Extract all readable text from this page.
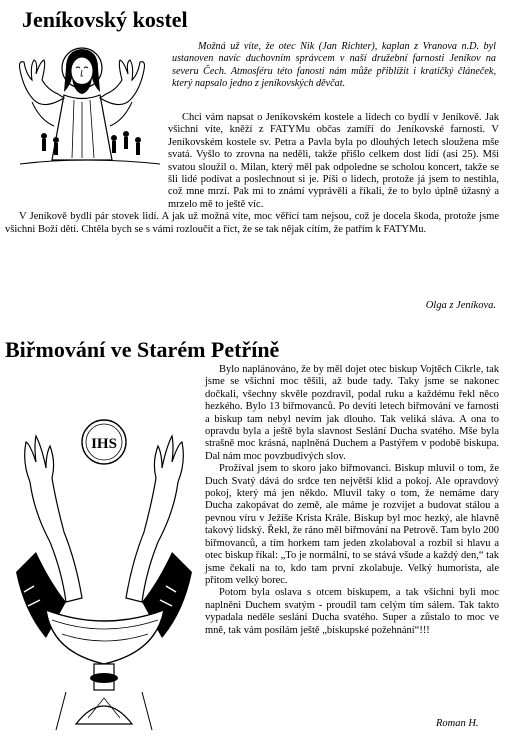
Jeníkovský kostel
Možná už víte, že otec Nik (Jan Richter), kaplan z Vranova n.D. byl ustanoven navíc duchovním správcem v naší družební farnosti Jeníkov na severu Čech. Atmosféru této fanosti nám může přiblížit i kratičký článeček, který napsalo jedno z jeníkovských děvčat.

Chci vám napsat o Jeníkovském kostele a lidech co bydlí v Jeníkově. Jak všichni víte, kněží z FATYMu občas zamíří do Jeníkovské farnosti. V Jeníkovském kostele sv. Petra a Pavla byla po dlouhých letech sloužena mše svatá. Vyšlo to zrovna na neděli, takže přišlo celkem dost lidí (asi 25). Mši svatou sloužil o. Milan, který měl pak odpoledne se scholou koncert, takže se šli lidé podívat a poslechnout si je. Píši o lidech, protože já jsem to nestihla, což mne mrzí. Pak mi to známí vyprávěli a říkali, že to bylo úplně úžasný a mrzelo mě to ještě víc.

V Jeníkově bydlí pár stovek lidí. A jak už možná víte, moc věřící tam nejsou, což je docela škoda, protože jsme všichni Boží děti. Chtěla bych se s vámi rozloučit a říct, že se tak nějak cítím, že patřím k FATYMu.

Olga z Jeníkova.
Biřmování ve Starém Petříně
IHS

Bylo naplánováno, že by měl dojet otec biskup Vojtěch Cikrle, tak jsme se všichni moc těšili, až bude tady. Taky jsme se nakonec dočkali, všechny skvěle pozdravil, podal ruku a každému řekl něco hezkého. Bylo 13 biřmovanců. Po devíti letech biřmování ve farnosti a biskup tam nebyl nevím jak dlouho. Tak veliká sláva. A ona to opravdu byla a ještě byla slavnost Seslání Ducha svatého. Mše byla strašně moc krásná, naplněná Duchem a Pastýřem v podobě biskupa. Dal nám moc povzbudivých slov.

Prožíval jsem to skoro jako biřmovanci. Biskup mluvil o tom, že Duch Svatý dává do srdce ten největší klid a pokoj. Ale opravdový pokoj, který má jen někdo. Mluvil taky o tom, že nemáme dary Ducha zakopávat do země, ale máme je rozvíjet a budovat stálou a pevnou víru v Ježíše Krista Krále. Biskup byl moc hezký, ale hlavně takový lidský. Řekl, že ráno měl biřmování na Petrově. Tam bylo 200 biřmovanců, a tím horkem tam jeden zkolaboval a rozbil si hlavu a otec biskup říkal: „To je normální, to se stává všude a každý den,“ tak jsme čekali na to, kdo tam první zkolabuje. Velký humorista, ale přitom velký borec.

Potom byla oslava s otcem biskupem, a tak všichni byli moc naplněni Duchem svatým - proudil tam celým tím sálem. Tak takto vypadala neděle seslání Ducha svatého. Super a zůstalo to moc ve mně, tak vám posílám ještě „biskupské požehnání“!!!

Roman H.
